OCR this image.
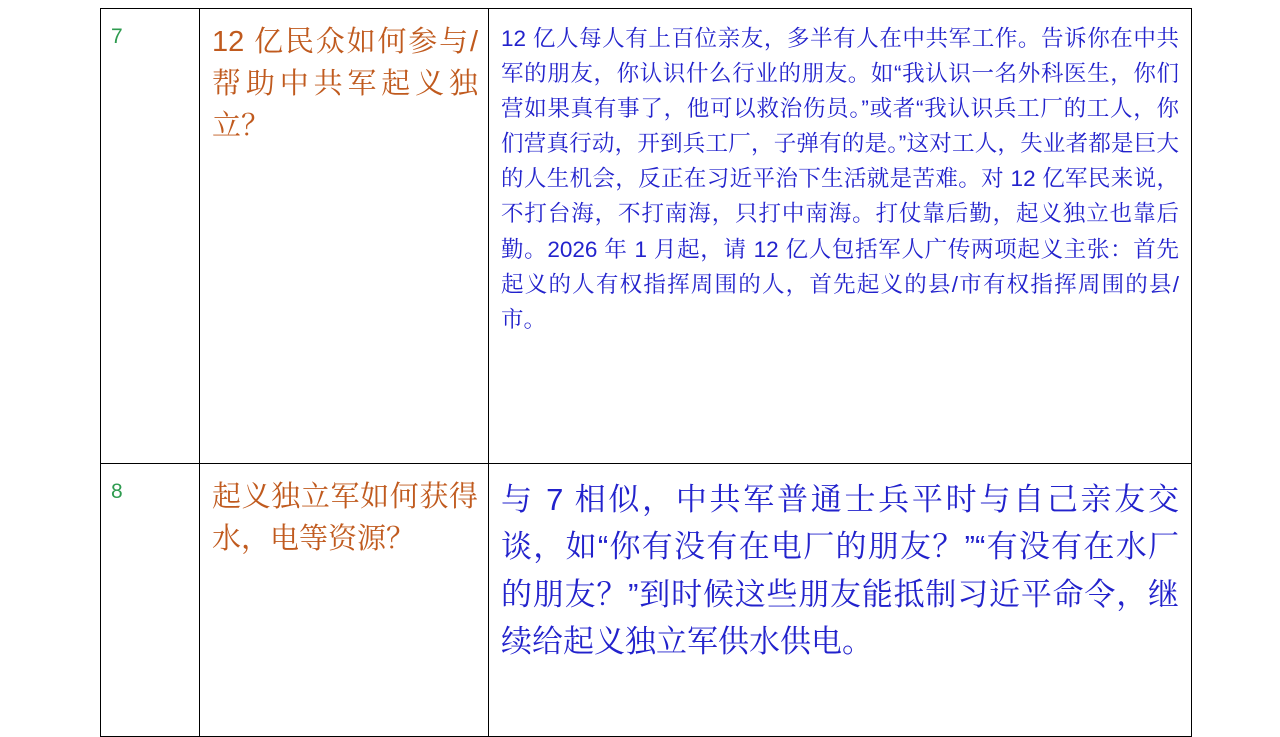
7	12 亿民众如何参与/帮助中共军起义独立？	12 亿人每人有上百位亲友，多半有人在中共军工作。告诉你在中共军的朋友，你认识什么行业的朋友。如“我认识一名外科医生，你们营如果真有事了，他可以救治伤员。”或者“我认识兵工厂的工人，你们营真行动，开到兵工厂，子弹有的是。”这对工人，失业者都是巨大的人生机会，反正在习近平治下生活就是苦难。对 12 亿军民来说，不打台海，不打南海，只打中南海。打仗靠后勤，起义独立也靠后勤。2026 年 1 月起，请 12 亿人包括军人广传两项起义主张：首先起义的人有权指挥周围的人，首先起义的县/市有权指挥周围的县/市。

8	起义独立军如何获得水，电等资源？	与 7 相似，中共军普通士兵平时与自己亲友交谈，如“你有没有在电厂的朋友？”“有没有在水厂的朋友？”到时候这些朋友能抵制习近平命令，继续给起义独立军供水供电。
